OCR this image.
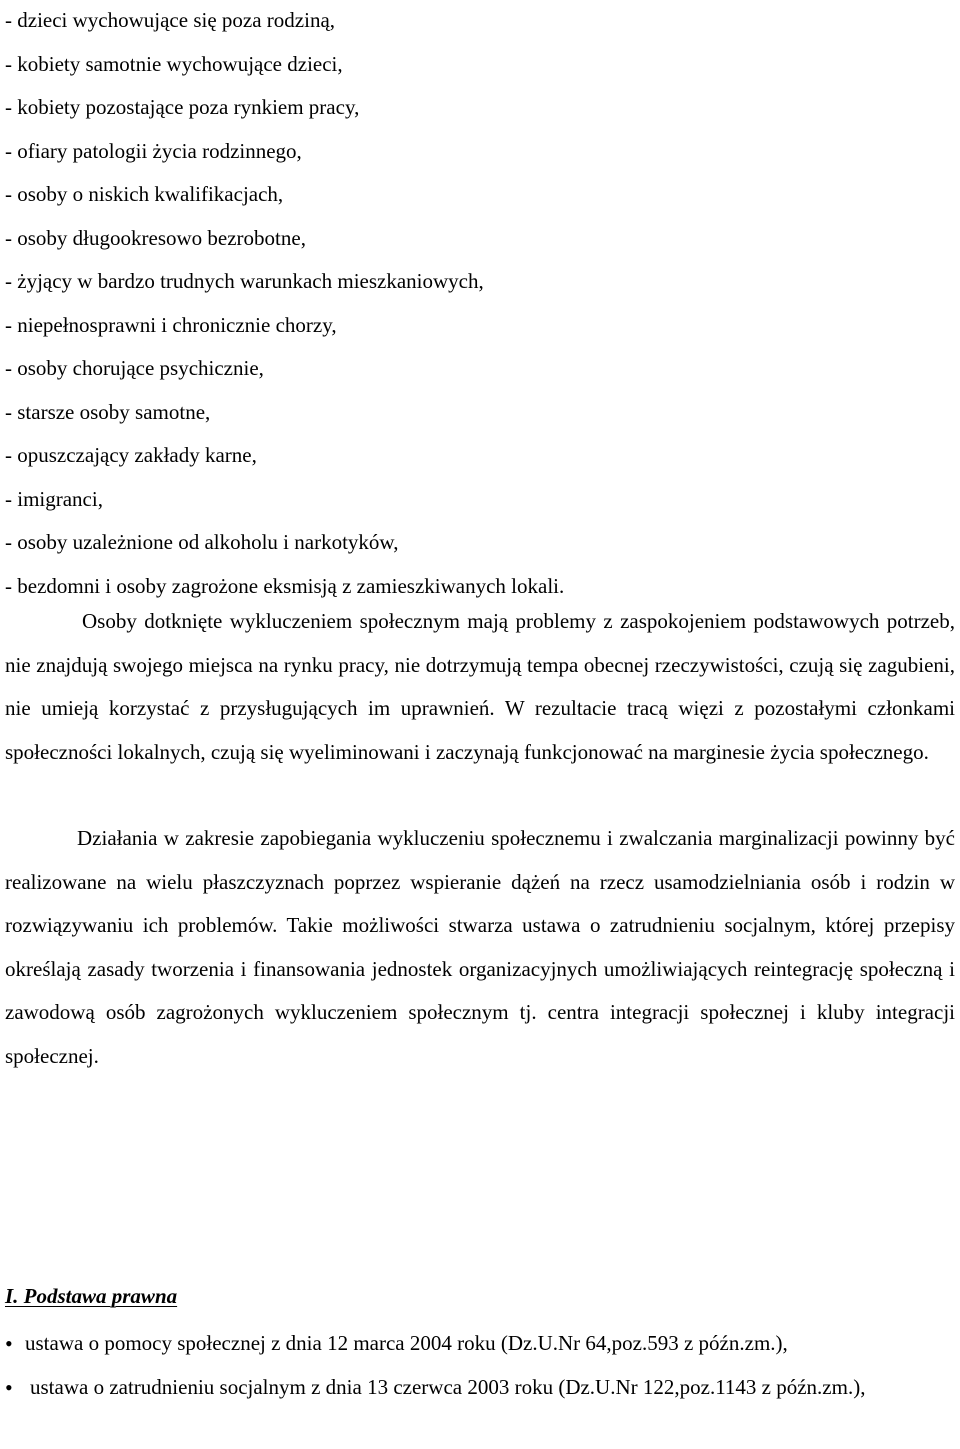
- dzieci wychowujące się poza rodziną,
- kobiety samotnie wychowujące dzieci,
- kobiety pozostające poza rynkiem pracy,
- ofiary patologii życia rodzinnego,
- osoby o niskich kwalifikacjach,
- osoby długookresowo bezrobotne,
- żyjący w bardzo trudnych warunkach mieszkaniowych,
- niepełnosprawni i chronicznie chorzy,
- osoby chorujące psychicznie,
- starsze osoby samotne,
- opuszczający zakłady karne,
- imigranci,
- osoby uzależnione od alkoholu i narkotyków,
- bezdomni i osoby zagrożone eksmisją z zamieszkiwanych lokali.

Osoby dotknięte wykluczeniem społecznym mają problemy z zaspokojeniem podstawowych potrzeb, nie znajdują swojego miejsca na rynku pracy, nie dotrzymują tempa obecnej rzeczywistości, czują się zagubieni, nie umieją korzystać z przysługujących im uprawnień. W rezultacie tracą więzi z pozostałymi członkami społeczności lokalnych, czują się wyeliminowani i zaczynają funkcjonować na marginesie życia społecznego.

Działania w zakresie zapobiegania wykluczeniu społecznemu i zwalczania marginalizacji powinny być realizowane na wielu płaszczyznach poprzez wspieranie dążeń na rzecz usamodzielniania osób i rodzin w rozwiązywaniu ich problemów. Takie możliwości stwarza ustawa o zatrudnieniu socjalnym, której przepisy określają zasady tworzenia i finansowania jednostek organizacyjnych umożliwiających reintegrację społeczną i zawodową osób zagrożonych wykluczeniem społecznym tj. centra integracji społecznej i kluby integracji społecznej.

I. Podstawa prawna
• ustawa o pomocy społecznej z dnia 12 marca 2004 roku (Dz.U.Nr 64,poz.593 z późn.zm.),
• ustawa o zatrudnieniu socjalnym z dnia 13 czerwca 2003 roku (Dz.U.Nr 122,poz.1143 z późn.zm.),
